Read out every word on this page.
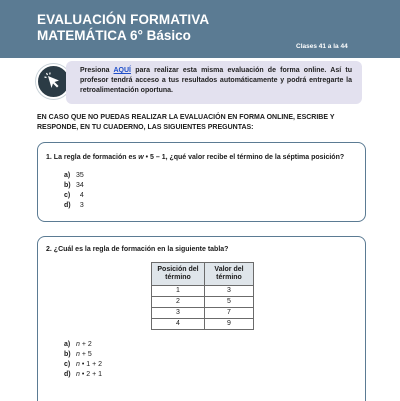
EVALUACIÓN FORMATIVA
MATEMÁTICA 6° Básico
Clases 41 a la 44
Presiona AQUÍ para realizar esta misma evaluación de forma online. Así tu profesor tendrá acceso a tus resultados automáticamente y podrá entregarte la retroalimentación oportuna.
EN CASO QUE NO PUEDAS REALIZAR LA EVALUACIÓN EN FORMA ONLINE, ESCRIBE Y RESPONDE, EN TU CUADERNO, LAS SIGUIENTES PREGUNTAS:
1. La regla de formación es w • 5 – 1, ¿qué valor recibe el término de la séptima posición?
a) 35
b) 34
c)  4
d)  3
2. ¿Cuál es la regla de formación en la siguiente tabla?
Posición del término	Valor del término
1	3
2	5
3	7
4	9
a) n + 2
b) n + 5
c) n • 1 + 2
d) n • 2 + 1
